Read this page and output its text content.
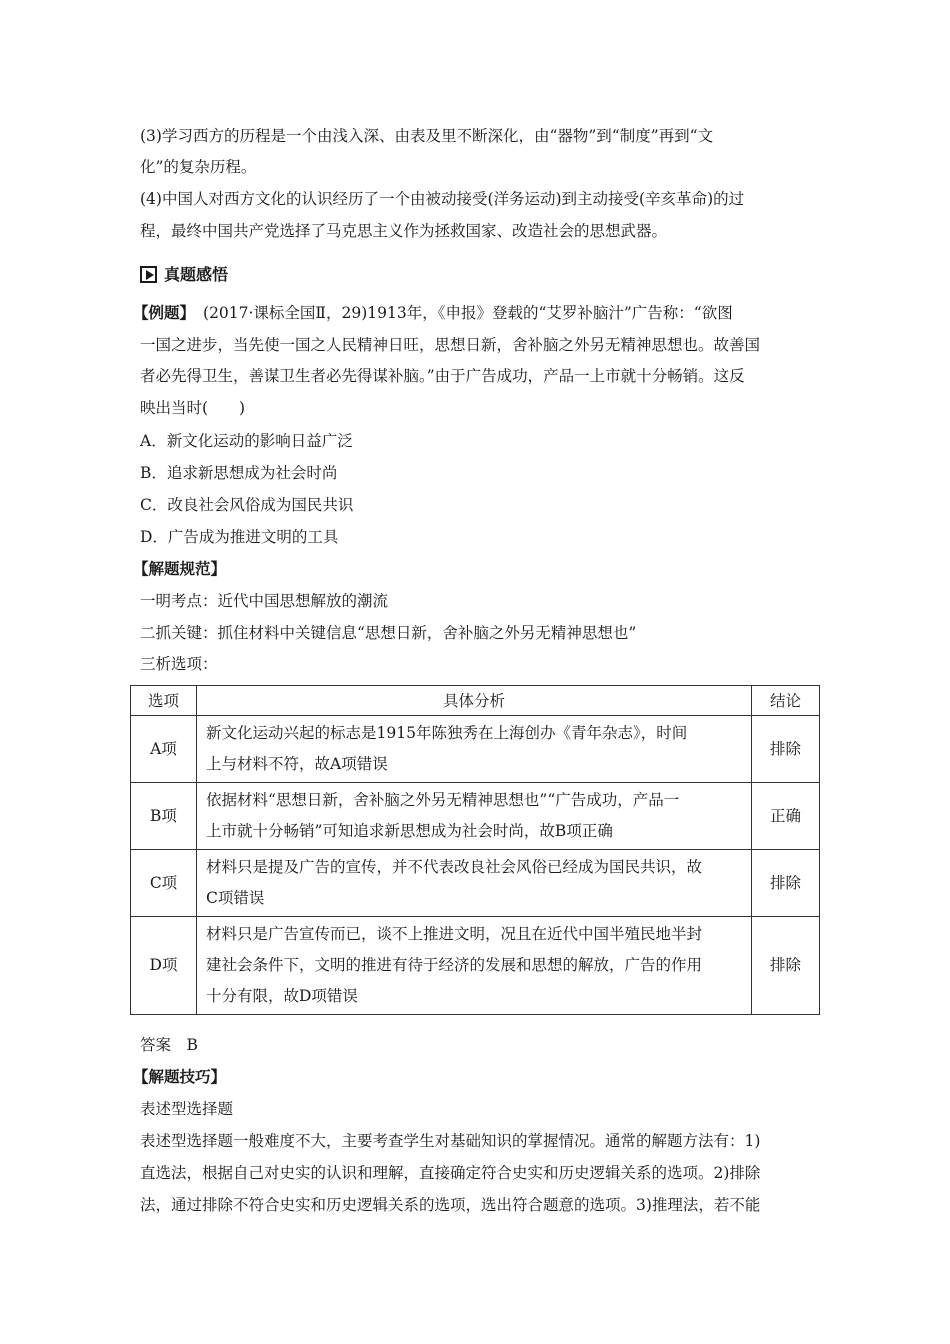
(3)学习西方的历程是一个由浅入深、由表及里不断深化，由“器物”到“制度”再到“文
化”的复杂历程。
(4)中国人对西方文化的认识经历了一个由被动接受(洋务运动)到主动接受(辛亥革命)的过
程，最终中国共产党选择了马克思主义作为拯救国家、改造社会的思想武器。
真题感悟
【例题】 (2017·课标全国Ⅱ，29)1913年，《申报》登载的“艾罗补脑汁”广告称：“欲图
一国之进步，当先使一国之人民精神日旺，思想日新，舍补脑之外另无精神思想也。故善国
者必先得卫生，善谋卫生者必先得谋补脑。”由于广告成功，产品一上市就十分畅销。这反
映出当时(　　)
A．新文化运动的影响日益广泛
B．追求新思想成为社会时尚
C．改良社会风俗成为国民共识
D．广告成为推进文明的工具
【解题规范】
一明考点：近代中国思想解放的潮流
二抓关键：抓住材料中关键信息“思想日新，舍补脑之外另无精神思想也”
三析选项：
选项	具体分析	结论
A项	新文化运动兴起的标志是1915年陈独秀在上海创办《青年杂志》，时间
上与材料不符，故A项错误	排除
B项	依据材料“思想日新，舍补脑之外另无精神思想也”“广告成功，产品一
上市就十分畅销”可知追求新思想成为社会时尚，故B项正确	正确
C项	材料只是提及广告的宣传，并不代表改良社会风俗已经成为国民共识，故
C项错误	排除
D项	材料只是广告宣传而已，谈不上推进文明，况且在近代中国半殖民地半封
建社会条件下，文明的推进有待于经济的发展和思想的解放，广告的作用
十分有限，故D项错误	排除
答案　B
【解题技巧】
表述型选择题
表述型选择题一般难度不大，主要考查学生对基础知识的掌握情况。通常的解题方法有：1)
直选法，根据自己对史实的认识和理解，直接确定符合史实和历史逻辑关系的选项。2)排除
法，通过排除不符合史实和历史逻辑关系的选项，选出符合题意的选项。3)推理法，若不能
